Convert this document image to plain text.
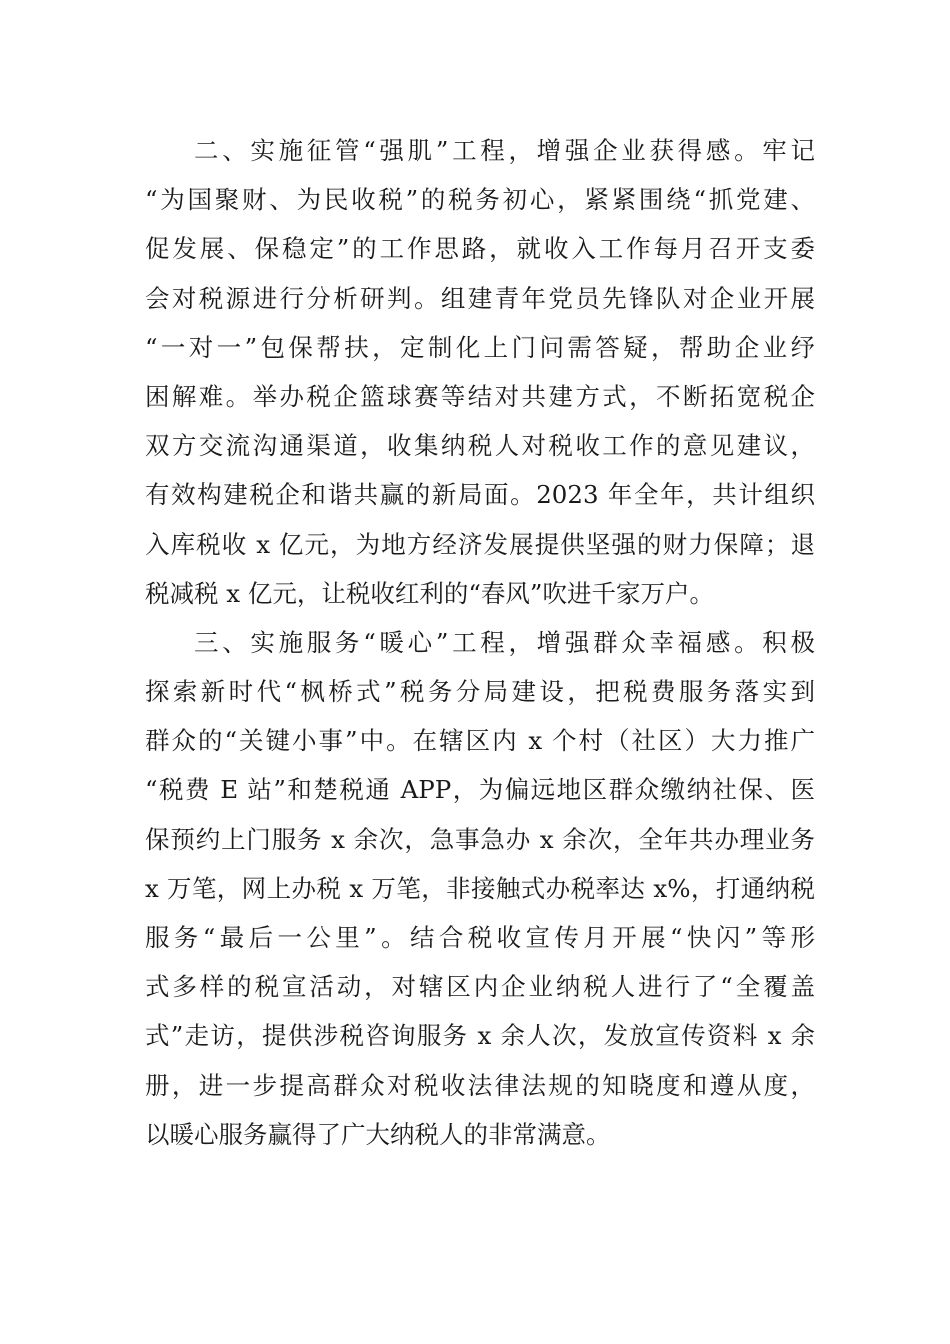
二、实施征管“强肌”工程，增强企业获得感。牢记
“为国聚财、为民收税”的税务初心，紧紧围绕“抓党建、
促发展、保稳定”的工作思路，就收入工作每月召开支委
会对税源进行分析研判。组建青年党员先锋队对企业开展
“一对一”包保帮扶，定制化上门问需答疑，帮助企业纾
困解难。举办税企篮球赛等结对共建方式，不断拓宽税企
双方交流沟通渠道，收集纳税人对税收工作的意见建议，
有效构建税企和谐共赢的新局面。2023 年全年，共计组织
入库税收 x 亿元，为地方经济发展提供坚强的财力保障；退
税减税 x 亿元，让税收红利的“春风”吹进千家万户。
三、实施服务“暖心”工程，增强群众幸福感。积极
探索新时代“枫桥式”税务分局建设，把税费服务落实到
群众的“关键小事”中。在辖区内 x 个村（社区）大力推广
“税费 E 站”和楚税通 APP，为偏远地区群众缴纳社保、医
保预约上门服务 x 余次，急事急办 x 余次，全年共办理业务
x 万笔，网上办税 x 万笔，非接触式办税率达 x%，打通纳税
服务“最后一公里”。结合税收宣传月开展“快闪”等形
式多样的税宣活动，对辖区内企业纳税人进行了“全覆盖
式”走访，提供涉税咨询服务 x 余人次，发放宣传资料 x 余
册，进一步提高群众对税收法律法规的知晓度和遵从度，
以暖心服务赢得了广大纳税人的非常满意。
